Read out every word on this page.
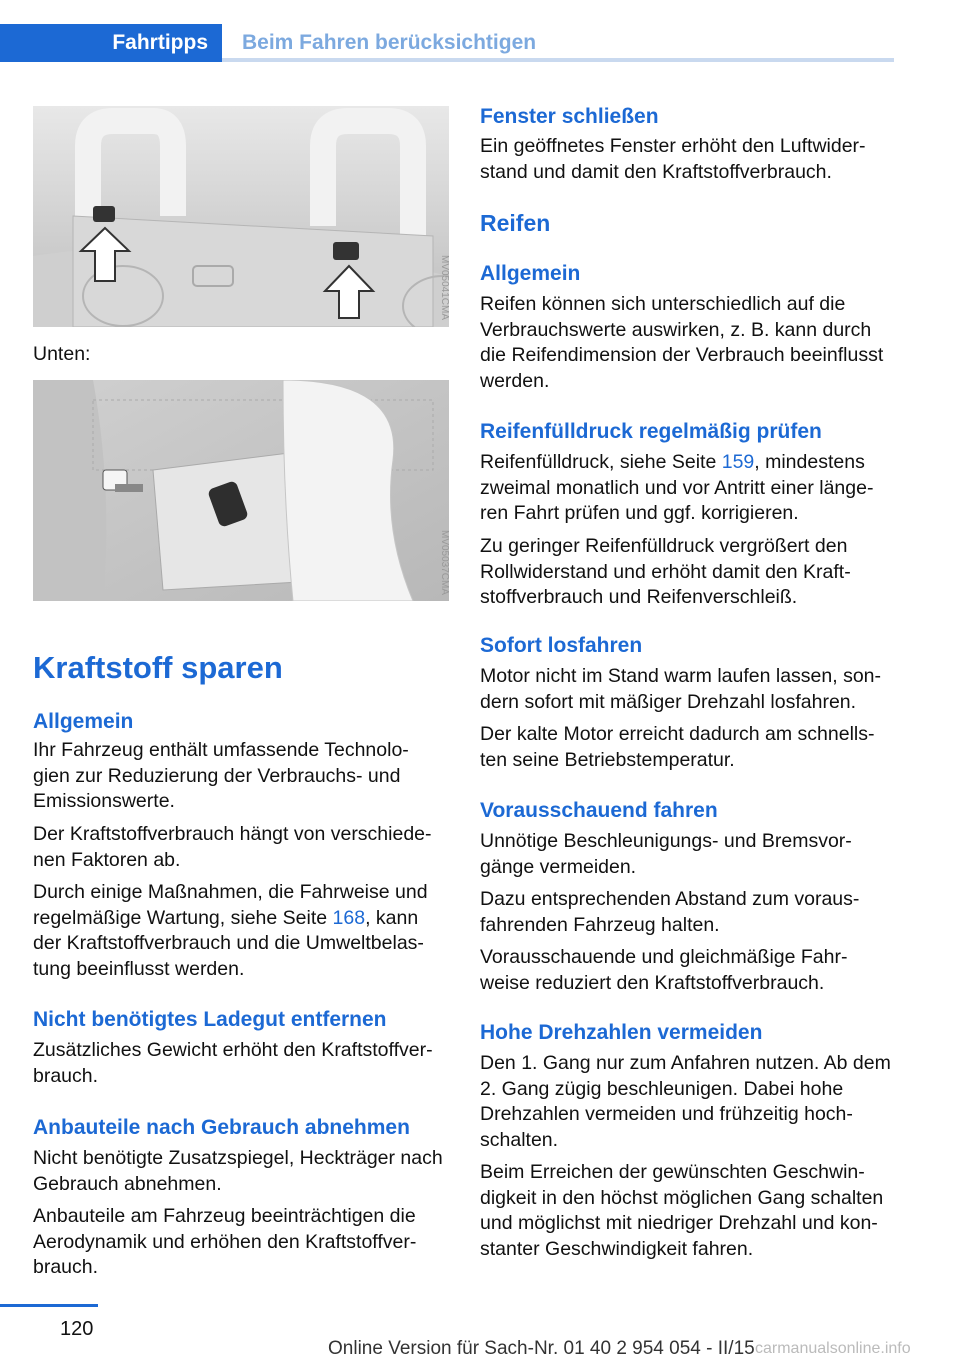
Fahrtipps	Beim Fahren berücksichtigen
MV05041CMA
Unten:
MV05037CMA
Kraftstoff sparen
Allgemein

Ihr Fahrzeug enthält umfassende Technolo‐ gien zur Reduzierung der Verbrauchs- und Emissionswerte.

Der Kraftstoffverbrauch hängt von verschiede‐ nen Faktoren ab.

Durch einige Maßnahmen, die Fahrweise und regelmäßige Wartung, siehe Seite 168, kann der Kraftstoffverbrauch und die Umweltbelas‐ tung beeinflusst werden.

Nicht benötigtes Ladegut entfernen

Zusätzliches Gewicht erhöht den Kraftstoffver‐ brauch.

Anbauteile nach Gebrauch abnehmen

Nicht benötigte Zusatzspiegel, Heckträger nach Gebrauch abnehmen.

Anbauteile am Fahrzeug beeinträchtigen die Aerodynamik und erhöhen den Kraftstoffver‐ brauch.

Fenster schließen

Ein geöffnetes Fenster erhöht den Luftwider‐ stand und damit den Kraftstoffverbrauch.

Reifen
Allgemein

Reifen können sich unterschiedlich auf die Verbrauchswerte auswirken, z. B. kann durch die Reifendimension der Verbrauch beeinflusst werden.

Reifenfülldruck regelmäßig prüfen

Reifenfülldruck, siehe Seite 159, mindestens zweimal monatlich und vor Antritt einer länge‐ ren Fahrt prüfen und ggf. korrigieren.

Zu geringer Reifenfülldruck vergrößert den Rollwiderstand und erhöht damit den Kraft‐ stoffverbrauch und Reifenverschleiß.

Sofort losfahren

Motor nicht im Stand warm laufen lassen, son‐ dern sofort mit mäßiger Drehzahl losfahren.

Der kalte Motor erreicht dadurch am schnells‐ ten seine Betriebstemperatur.

Vorausschauend fahren

Unnötige Beschleunigungs- und Bremsvor‐ gänge vermeiden.

Dazu entsprechenden Abstand zum voraus‐ fahrenden Fahrzeug halten.

Vorausschauende und gleichmäßige Fahr‐ weise reduziert den Kraftstoffverbrauch.

Hohe Drehzahlen vermeiden

Den 1. Gang nur zum Anfahren nutzen. Ab dem 2. Gang zügig beschleunigen. Dabei hohe Drehzahlen vermeiden und frühzeitig hoch‐ schalten.

Beim Erreichen der gewünschten Geschwin‐ digkeit in den höchst möglichen Gang schalten und möglichst mit niedriger Drehzahl und kon‐ stanter Geschwindigkeit fahren.

120
Online Version für Sach-Nr. 01 40 2 954 054 - II/15 carmanualsonline.info
